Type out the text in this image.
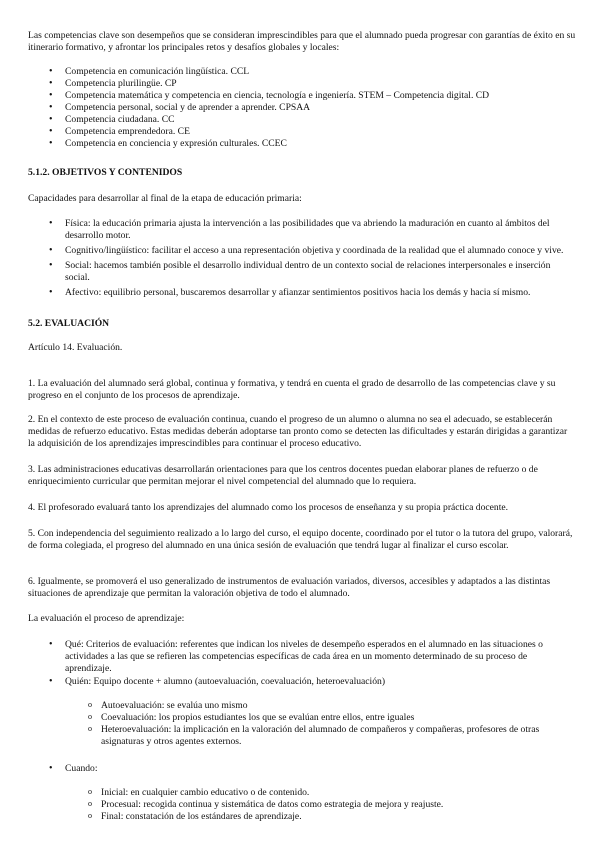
Las competencias clave son desempeños que se consideran imprescindibles para que el alumnado pueda progresar con garantías de éxito en su itinerario formativo, y afrontar los principales retos y desafíos globales y locales:

• Competencia en comunicación lingüística. CCL
• Competencia plurilingüe. CP
• Competencia matemática y competencia en ciencia, tecnología e ingeniería. STEM – Competencia digital. CD
• Competencia personal, social y de aprender a aprender. CPSAA
• Competencia ciudadana. CC
• Competencia emprendedora. CE
• Competencia en conciencia y expresión culturales. CCEC

5.1.2. OBJETIVOS Y CONTENIDOS

Capacidades para desarrollar al final de la etapa de educación primaria:

• Física: la educación primaria ajusta la intervención a las posibilidades que va abriendo la maduración en cuanto al ámbitos del desarrollo motor.
• Cognitivo/lingüístico: facilitar el acceso a una representación objetiva y coordinada de la realidad que el alumnado conoce y vive.
• Social: hacemos también posible el desarrollo individual dentro de un contexto social de relaciones interpersonales e inserción social.
• Afectivo: equilibrio personal, buscaremos desarrollar y afianzar sentimientos positivos hacia los demás y hacia sí mismo.

5.2. EVALUACIÓN

Artículo 14. Evaluación.

1. La evaluación del alumnado será global, continua y formativa, y tendrá en cuenta el grado de desarrollo de las competencias clave y su progreso en el conjunto de los procesos de aprendizaje.

2. En el contexto de este proceso de evaluación continua, cuando el progreso de un alumno o alumna no sea el adecuado, se establecerán medidas de refuerzo educativo. Estas medidas deberán adoptarse tan pronto como se detecten las dificultades y estarán dirigidas a garantizar la adquisición de los aprendizajes imprescindibles para continuar el proceso educativo.

3. Las administraciones educativas desarrollarán orientaciones para que los centros docentes puedan elaborar planes de refuerzo o de enriquecimiento curricular que permitan mejorar el nivel competencial del alumnado que lo requiera.

4. El profesorado evaluará tanto los aprendizajes del alumnado como los procesos de enseñanza y su propia práctica docente.

5. Con independencia del seguimiento realizado a lo largo del curso, el equipo docente, coordinado por el tutor o la tutora del grupo, valorará, de forma colegiada, el progreso del alumnado en una única sesión de evaluación que tendrá lugar al finalizar el curso escolar.

6. Igualmente, se promoverá el uso generalizado de instrumentos de evaluación variados, diversos, accesibles y adaptados a las distintas situaciones de aprendizaje que permitan la valoración objetiva de todo el alumnado.

La evaluación el proceso de aprendizaje:

• Qué: Criterios de evaluación: referentes que indican los niveles de desempeño esperados en el alumnado en las situaciones o actividades a las que se refieren las competencias específicas de cada área en un momento determinado de su proceso de aprendizaje.
• Quién: Equipo docente + alumno (autoevaluación, coevaluación, heteroevaluación)
o Autoevaluación: se evalúa uno mismo
o Coevaluación: los propios estudiantes los que se evalúan entre ellos, entre iguales
o Heteroevaluación: la implicación en la valoración del alumnado de compañeros y compañeras, profesores de otras asignaturas y otros agentes externos.
• Cuando:
o Inicial: en cualquier cambio educativo o de contenido.
o Procesual: recogida continua y sistemática de datos como estrategia de mejora y reajuste.
o Final: constatación de los estándares de aprendizaje.
